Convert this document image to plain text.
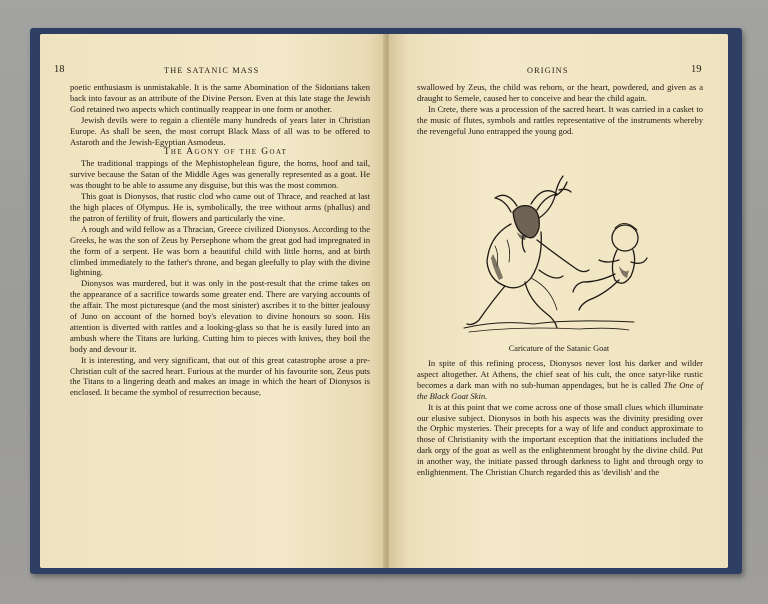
18	THE SATANIC MASS

poetic enthusiasm is unmistakable. It is the same Abomination of the Sidonians taken back into favour as an attribute of the Divine Person. Even at this late stage the Jewish God retained two aspects which continually reappear in one form or another.

Jewish devils were to regain a clientèle many hundreds of years later in Christian Europe. As shall be seen, the most corrupt Black Mass of all was to be offered to Astaroth and the Jewish-Egyptian Asmodeus.

The Agony of the Goat

The traditional trappings of the Mephistophelean figure, the horns, hoof and tail, survive because the Satan of the Middle Ages was generally represented as a goat. He was thought to be able to assume any disguise, but this was the most common.

This goat is Dionysos, that rustic clod who came out of Thrace, and reached at last the high places of Olympus. He is, symbolically, the tree without arms (phallus) and the patron of fertility of fruit, flowers and particularly the vine.

A rough and wild fellow as a Thracian, Greece civilized Dionysos. According to the Greeks, he was the son of Zeus by Persephone whom the great god had impregnated in the form of a serpent. He was born a beautiful child with little horns, and at birth climbed immediately to the father's throne, and began gleefully to play with the divine lightning.

Dionysos was murdered, but it was only in the post-result that the crime takes on the appearance of a sacrifice towards some greater end. There are varying accounts of the affair. The most picturesque (and the most sinister) ascribes it to the bitter jealousy of Juno on account of the horned boy's elevation to divine honours so soon. His attention is diverted with rattles and a looking-glass so that he is easily lured into an ambush where the Titans are lurking. Cutting him to pieces with knives, they boil the body and devour it.

It is interesting, and very significant, that out of this great catastrophe arose a pre-Christian cult of the sacred heart. Furious at the murder of his favourite son, Zeus puts the Titans to a lingering death and makes an image in which the heart of Dionysos is enclosed. It became the symbol of resurrection because,

ORIGINS	19

swallowed by Zeus, the child was reborn, or the heart, powdered, and given as a draught to Semele, caused her to conceive and bear the child again.

In Crete, there was a procession of the sacred heart. It was carried in a casket to the music of flutes, symbols and rattles representative of the instruments whereby the revengeful Juno entrapped the young god.

Caricature of the Satanic Goat

In spite of this refining process, Dionysos never lost his darker and wilder aspect altogether. At Athens, the chief seat of his cult, the once satyr-like rustic becomes a dark man with no sub-human appendages, but he is called The One of the Black Goat Skin.

It is at this point that we come across one of those small clues which illuminate our elusive subject. Dionysos in both his aspects was the divinity presiding over the Orphic mysteries. Their precepts for a way of life and conduct approximate to those of Christianity with the important exception that the initiations included the dark orgy of the goat as well as the enlightenment brought by the divine child. Put in another way, the initiate passed through darkness to light and through orgy to enlightenment. The Christian Church regarded this as 'devilish' and the
